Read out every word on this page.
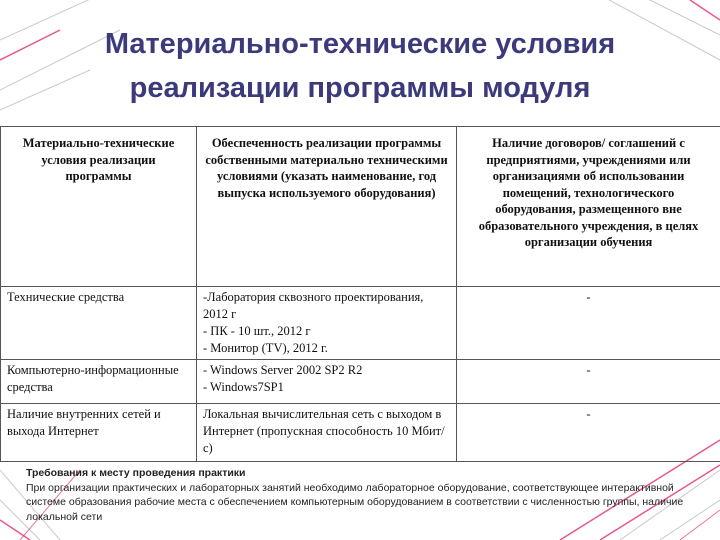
Материально-технические условия
реализации программы модуля
Материально-технические условия реализации программы	Обеспеченность реализации программы собственными материально техническими условиями (указать наименование, год выпуска используемого оборудования)	Наличие договоров/ соглашений с предприятиями, учреждениями или организациями об использовании помещений, технологического оборудования, размещенного вне образовательного учреждения, в целях организации обучения
Технические средства	-Лаборатория сквозного проектирования, 2012 г
- ПК - 10 шт., 2012 г
- Монитор (TV), 2012 г.	-
Компьютерно-информационные средства	- Windows Server 2002 SP2 R2
- Windows7SP1	-
Наличие внутренних сетей и выхода Интернет	Локальная вычислительная сеть с выходом в Интернет (пропускная способность 10 Мбит/с)	-
Требования к месту проведения практики
При организации практических и лабораторных занятий необходимо лабораторное оборудование, соответствующее интерактивной системе образования рабочие места с обеспечением компьютерным оборудованием в соответствии с численностью группы, наличие локальной сети
